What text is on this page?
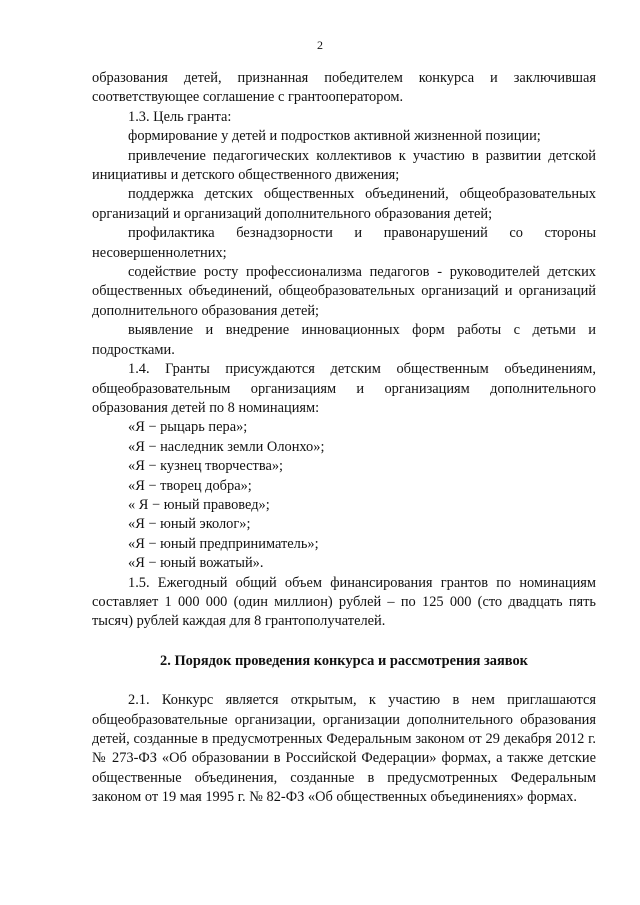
2

образования детей, признанная победителем конкурса и заключившая соответствующее соглашение с грантооператором.

1.3. Цель гранта:

формирование у детей и подростков активной жизненной позиции;
привлечение педагогических коллективов к участию в развитии детской инициативы и детского общественного движения;
поддержка детских общественных объединений, общеобразовательных организаций и организаций дополнительного образования детей;
профилактика безнадзорности и правонарушений со стороны несовершеннолетних;
содействие росту профессионализма педагогов - руководителей детских общественных объединений, общеобразовательных организаций и организаций дополнительного образования детей;
выявление и внедрение инновационных форм работы с детьми и подростками.

1.4. Гранты присуждаются детским общественным объединениям, общеобразовательным организациям и организациям дополнительного образования детей по 8 номинациям:

«Я − рыцарь пера»;
«Я − наследник земли Олонхо»;
«Я − кузнец творчества»;
«Я − творец добра»;
« Я − юный правовед»;
«Я − юный эколог»;
«Я − юный предприниматель»;
«Я − юный вожатый».

1.5. Ежегодный общий объем финансирования грантов по номинациям составляет 1 000 000 (один миллион) рублей – по 125 000 (сто двадцать пять тысяч) рублей каждая для 8 грантополучателей.

2. Порядок проведения конкурса и рассмотрения заявок

2.1. Конкурс является открытым, к участию в нем приглашаются общеобразовательные организации, организации дополнительного образования детей, созданные в предусмотренных Федеральным законом от 29 декабря 2012 г. № 273-ФЗ «Об образовании в Российской Федерации» формах, а также детские общественные объединения, созданные в предусмотренных Федеральным законом от 19 мая 1995 г. № 82-ФЗ «Об общественных объединениях» формах.
